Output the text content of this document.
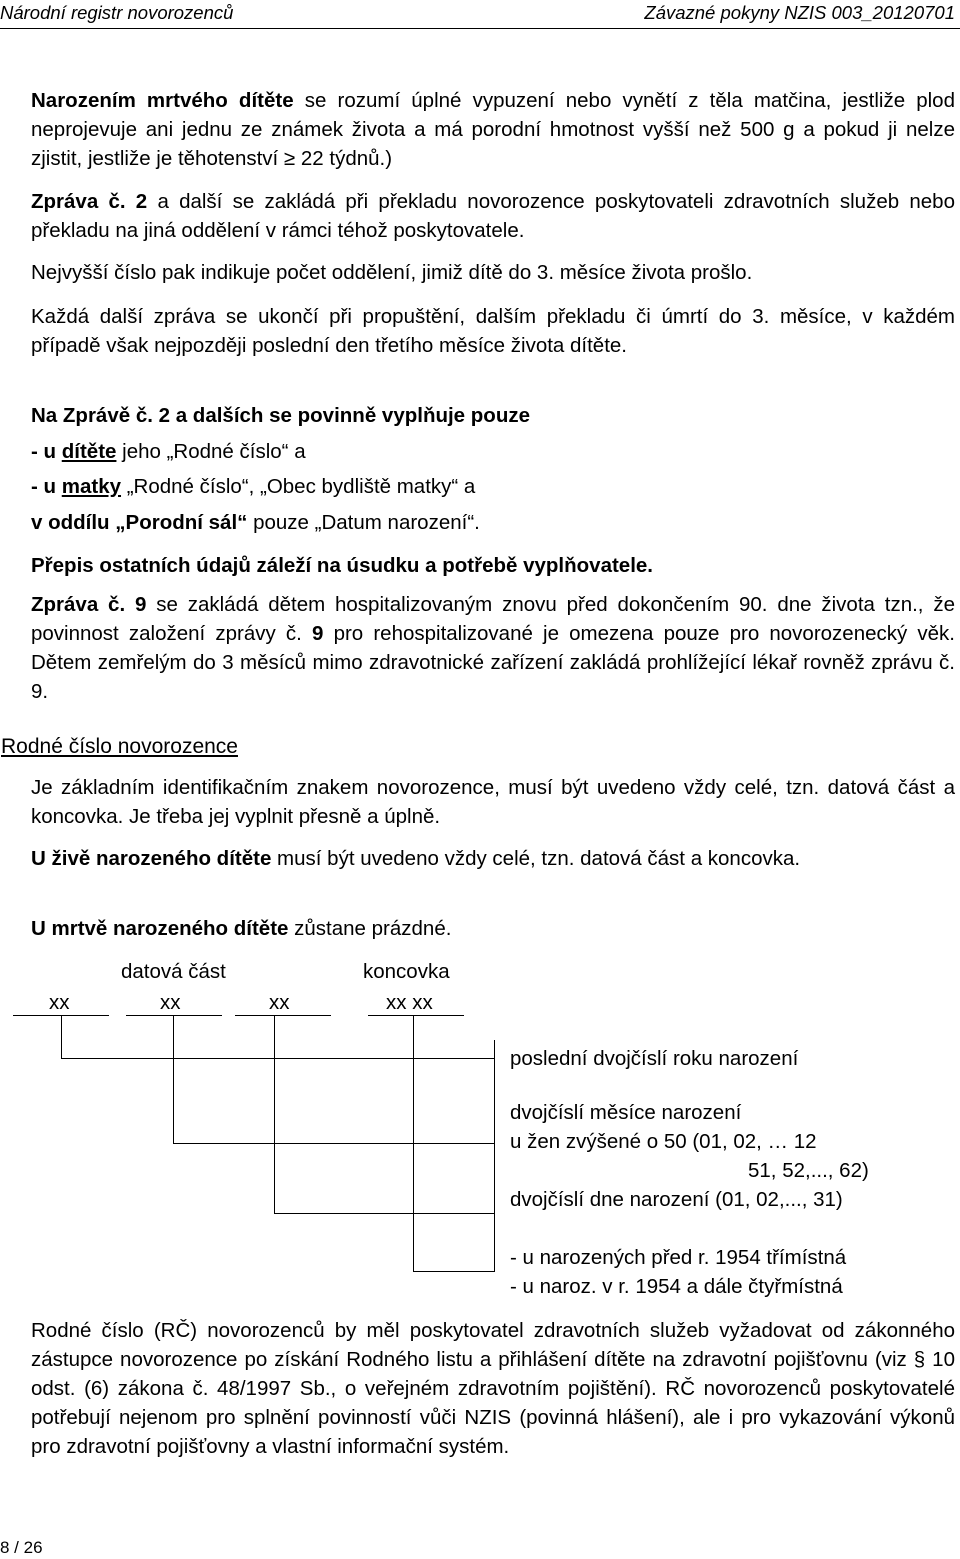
Národní registr novorozenců	Závazné pokyny NZIS 003_20120701
Narozením mrtvého dítěte se rozumí úplné vypuzení nebo vynětí z těla matčina, jestliže plod neprojevuje ani jednu ze známek života a má porodní hmotnost vyšší než 500 g a pokud ji nelze zjistit, jestliže je těhotenství ≥ 22 týdnů.)
Zpráva č. 2 a další se zakládá při překladu novorozence poskytovateli zdravotních služeb nebo překladu na jiná oddělení v rámci téhož poskytovatele.
Nejvyšší číslo pak indikuje počet oddělení, jimiž dítě do 3. měsíce života prošlo.
Každá další zpráva se ukončí při propuštění, dalším překladu či úmrtí do 3. měsíce, v každém případě však nejpozději poslední den třetího měsíce života dítěte.
Na Zprávě č. 2 a dalších se povinně vyplňuje pouze
- u dítěte jeho „Rodné číslo“ a
- u matky „Rodné číslo“, „Obec bydliště matky“ a
v oddílu „Porodní sál“ pouze „Datum narození“.
Přepis ostatních údajů záleží na úsudku a potřebě vyplňovatele.
Zpráva č. 9 se zakládá dětem hospitalizovaným znovu před dokončením 90. dne života tzn., že povinnost založení zprávy č. 9 pro rehospitalizované je omezena pouze pro novorozenecký věk. Dětem zemřelým do 3 měsíců mimo zdravotnické zařízení zakládá prohlížející lékař rovněž zprávu č. 9.
Rodné číslo novorozence
Je základním identifikačním znakem novorozence, musí být uvedeno vždy celé, tzn. datová část a koncovka. Je třeba jej vyplnit přesně a úplně.
U živě narozeného dítěte musí být uvedeno vždy celé, tzn. datová část a koncovka.
U mrtvě narozeného dítěte zůstane prázdné.
datová část	koncovka
xx	xx	xx	xx xx
poslední dvojčíslí roku narození
dvojčíslí měsíce narození
u žen zvýšené o 50 (01, 02, … 12
51, 52,..., 62)
dvojčíslí dne narození (01, 02,..., 31)
- u narozených před r. 1954 třímístná
- u naroz. v r. 1954 a dále čtyřmístná
Rodné číslo (RČ) novorozenců by měl poskytovatel zdravotních služeb vyžadovat od zákonného zástupce novorozence po získání Rodného listu a přihlášení dítěte na zdravotní pojišťovnu (viz § 10 odst. (6) zákona č. 48/1997 Sb., o veřejném zdravotním pojištění). RČ novorozenců poskytovatelé potřebují nejenom pro splnění povinností vůči NZIS (povinná hlášení), ale i pro vykazování výkonů pro zdravotní pojišťovny a vlastní informační systém.
8 / 26
